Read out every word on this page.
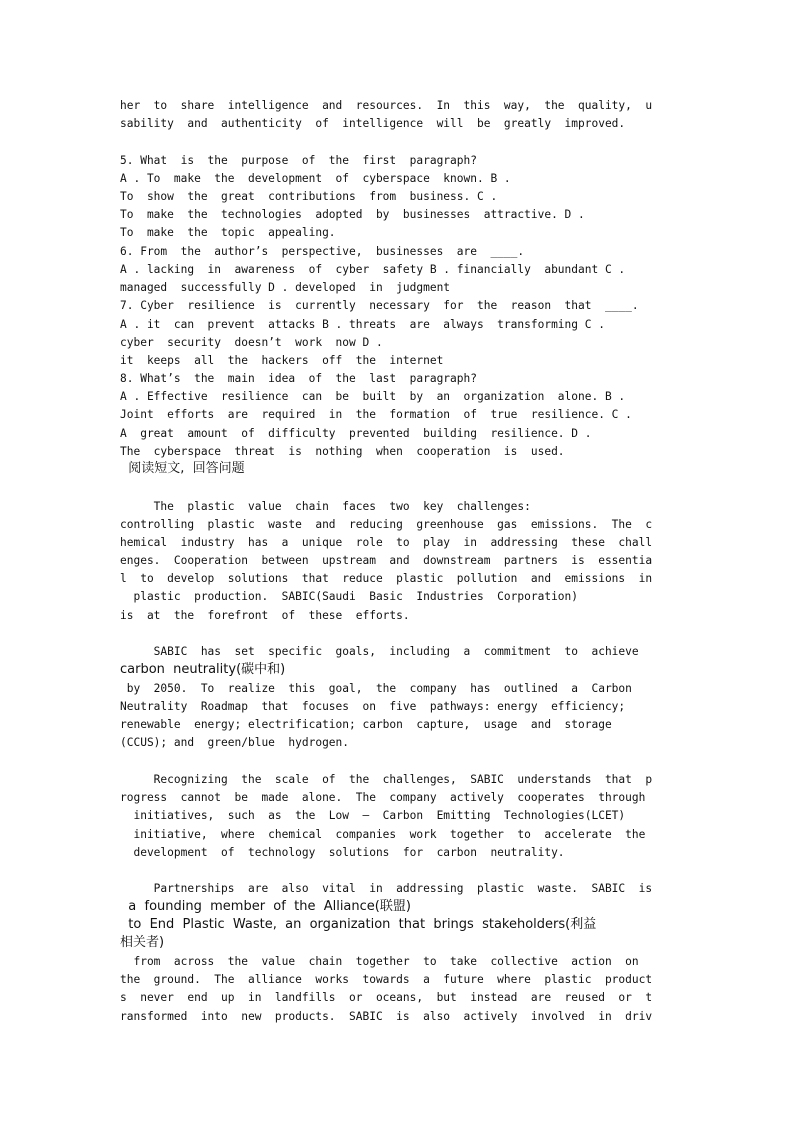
her  to  share  intelligence  and  resources.  In  this  way,  the  quality,  u
sability  and  authenticity  of  intelligence  will  be  greatly  improved.
5. What  is  the  purpose  of  the  first  paragraph?
A . To  make  the  development  of  cyberspace  known. B .
To  show  the  great  contributions  from  business. C .
To  make  the  technologies  adopted  by  businesses  attractive. D .
To  make  the  topic  appealing.
6. From  the  author’s  perspective,  businesses  are  ____.
A . lacking  in  awareness  of  cyber  safety B . financially  abundant C .
managed  successfully D . developed  in  judgment
7. Cyber  resilience  is  currently  necessary  for  the  reason  that  ____.
A . it  can  prevent  attacks B . threats  are  always  transforming C .
cyber  security  doesn’t  work  now D .
it  keeps  all  the  hackers  off  the  internet
8. What’s  the  main  idea  of  the  last  paragraph?
A . Effective  resilience  can  be  built  by  an  organization  alone. B .
Joint  efforts  are  required  in  the  formation  of  true  resilience. C .
A  great  amount  of  difficulty  prevented  building  resilience. D .
The  cyberspace  threat  is  nothing  when  cooperation  is  used.
阅读短文,  回答问题
The  plastic  value  chain  faces  two  key  challenges:
controlling  plastic  waste  and  reducing  greenhouse  gas  emissions.  The  c
hemical  industry  has  a  unique  role  to  play  in  addressing  these  chall
enges.  Cooperation  between  upstream  and  downstream  partners  is  essentia
l  to  develop  solutions  that  reduce  plastic  pollution  and  emissions  in
plastic  production.  SABIC(Saudi  Basic  Industries  Corporation)
is  at  the  forefront  of  these  efforts.
SABIC  has  set  specific  goals,  including  a  commitment  to  achieve
carbon  neutrality(碳中和)
by  2050.  To  realize  this  goal,  the  company  has  outlined  a  Carbon
Neutrality  Roadmap  that  focuses  on  five  pathways: energy  efficiency;
renewable  energy; electrification; carbon  capture,  usage  and  storage
(CCUS); and  green/blue  hydrogen.
Recognizing  the  scale  of  the  challenges,  SABIC  understands  that  p
rogress  cannot  be  made  alone.  The  company  actively  cooperates  through
initiatives,  such  as  the  Low  —  Carbon  Emitting  Technologies(LCET)
initiative,  where  chemical  companies  work  together  to  accelerate  the
development  of  technology  solutions  for  carbon  neutrality.
Partnerships  are  also  vital  in  addressing  plastic  waste.  SABIC  is
a  founding  member  of  the  Alliance(联盟)
to  End  Plastic  Waste,  an  organization  that  brings  stakeholders(利益
相关者)
from  across  the  value  chain  together  to  take  collective  action  on
the  ground.  The  alliance  works  towards  a  future  where  plastic  product
s  never  end  up  in  landfills  or  oceans,  but  instead  are  reused  or  t
ransformed  into  new  products.  SABIC  is  also  actively  involved  in  driv
